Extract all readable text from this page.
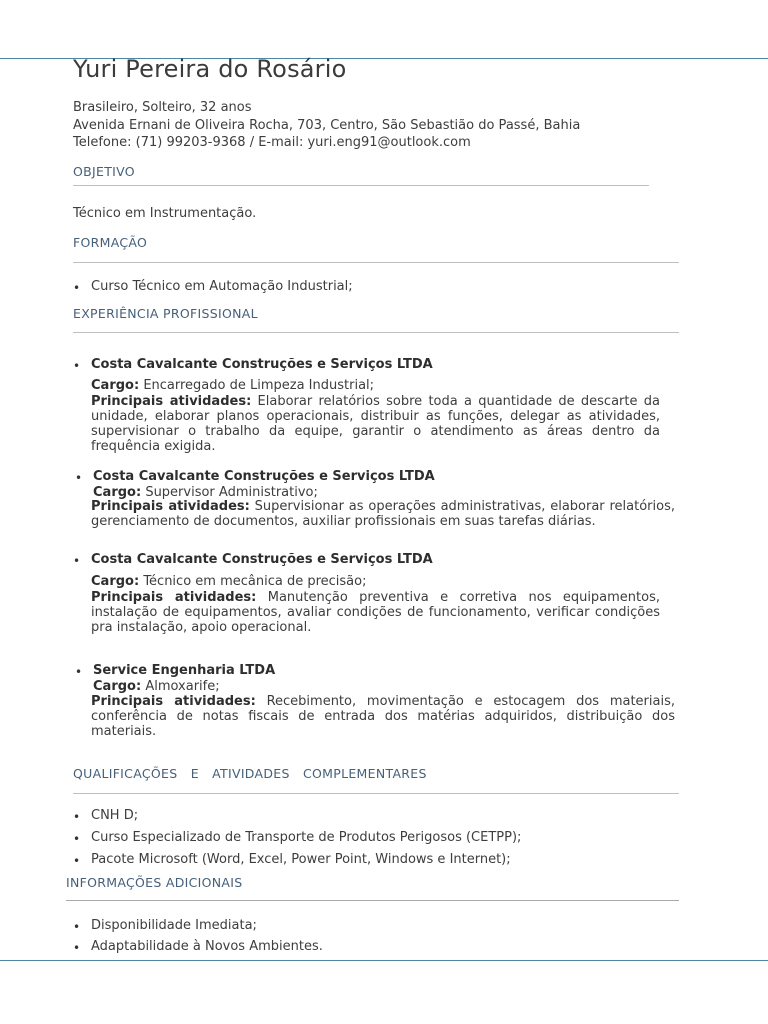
Yuri Pereira do Rosário
Brasileiro, Solteiro, 32 anos
Avenida Ernani de Oliveira Rocha, 703, Centro, São Sebastião do Passé, Bahia
Telefone: (71) 99203-9368 / E-mail: yuri.eng91@outlook.com
OBJETIVO
Técnico em Instrumentação.
FORMAÇÃO
• Curso Técnico em Automação Industrial;
EXPERIÊNCIA PROFISSIONAL
• Costa Cavalcante Construções e Serviços LTDA
Cargo: Encarregado de Limpeza Industrial;
Principais atividades: Elaborar relatórios sobre toda a quantidade de descarte da unidade, elaborar planos operacionais, distribuir as funções, delegar as atividades, supervisionar o trabalho da equipe, garantir o atendimento as áreas dentro da frequência exigida.
• Costa Cavalcante Construções e Serviços LTDA
Cargo: Supervisor Administrativo;
Principais atividades: Supervisionar as operações administrativas, elaborar relatórios, gerenciamento de documentos, auxiliar profissionais em suas tarefas diárias.
• Costa Cavalcante Construções e Serviços LTDA
Cargo: Técnico em mecânica de precisão;
Principais atividades: Manutenção preventiva e corretiva nos equipamentos, instalação de equipamentos, avaliar condições de funcionamento, verificar condições pra instalação, apoio operacional.
• Service Engenharia LTDA
Cargo: Almoxarife;
Principais atividades: Recebimento, movimentação e estocagem dos materiais, conferência de notas fiscais de entrada dos matérias adquiridos, distribuição dos materiais.
QUALIFICAÇÕES E ATIVIDADES COMPLEMENTARES
• CNH D;
• Curso Especializado de Transporte de Produtos Perigosos (CETPP);
• Pacote Microsoft (Word, Excel, Power Point, Windows e Internet);
INFORMAÇÕES ADICIONAIS
• Disponibilidade Imediata;
• Adaptabilidade à Novos Ambientes.
